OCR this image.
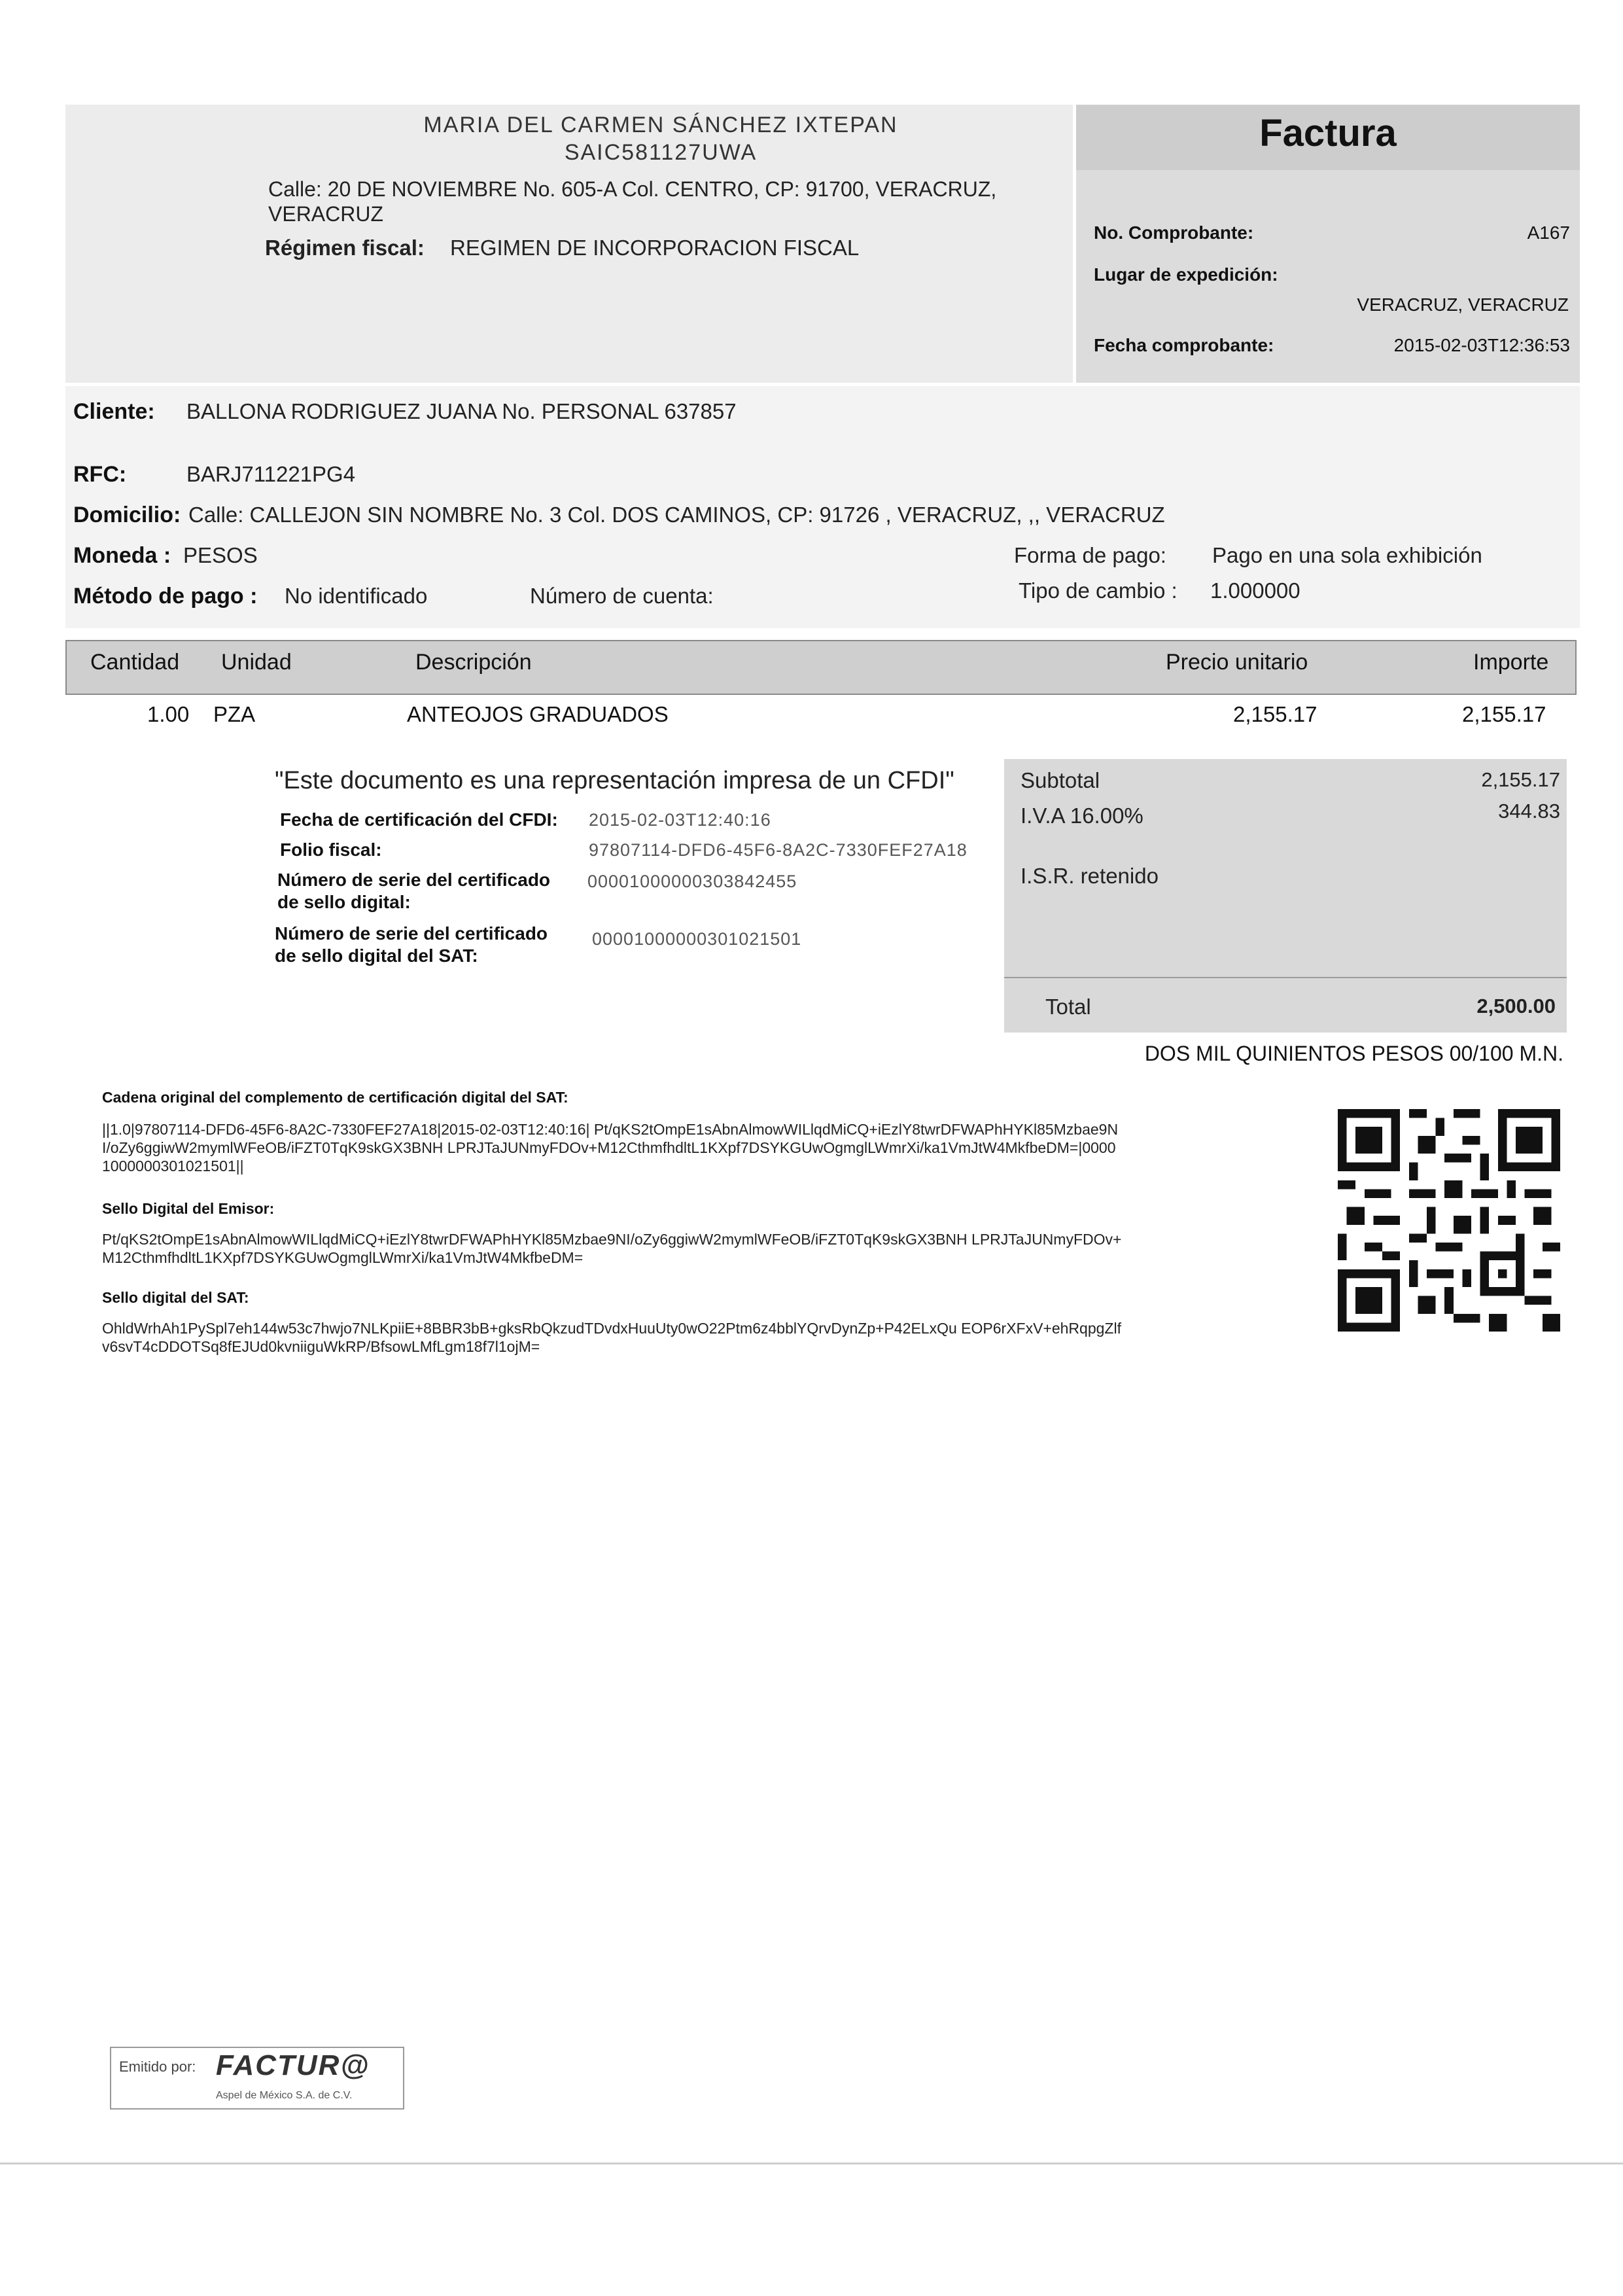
MARIA DEL CARMEN SÁNCHEZ IXTEPAN
SAIC581127UWA
Calle: 20 DE NOVIEMBRE No. 605-A Col. CENTRO, CP: 91700, VERACRUZ,
VERACRUZ
Régimen fiscal: REGIMEN DE INCORPORACION FISCAL
Factura
No. Comprobante:	A167
Lugar de expedición:
VERACRUZ, VERACRUZ
Fecha comprobante:	2015-02-03T12:36:53
Cliente: BALLONA RODRIGUEZ JUANA No. PERSONAL 637857
RFC:	BARJ711221PG4
Domicilio: Calle: CALLEJON SIN NOMBRE No. 3 Col. DOS CAMINOS, CP: 91726 , VERACRUZ, ,, VERACRUZ
Moneda : PESOS
Método de pago : No identificado	Número de cuenta:
Forma de pago: Pago en una sola exhibición
Tipo de cambio : 1.000000
Cantidad Unidad	Descripción	Precio unitario	Importe
1.00 PZA	ANTEOJOS GRADUADOS	2,155.17	2,155.17
"Este documento es una representación impresa de un CFDI"
Fecha de certificación del CFDI: 2015-02-03T12:40:16
Folio fiscal:	97807114-DFD6-45F6-8A2C-7330FEF27A18
Número de serie del certificado
de sello digital:
00001000000303842455
Número de serie del certificado
de sello digital del SAT:
00001000000301021501
Subtotal	2,155.17
I.V.A 16.00%	344.83
I.S.R. retenido
Total	2,500.00
DOS MIL QUINIENTOS PESOS 00/100 M.N.
Cadena original del complemento de certificación digital del SAT:
||1.0|97807114-DFD6-45F6-8A2C-7330FEF27A18|2015-02-03T12:40:16| Pt/qKS2tOmpE1sAbnAlmowWILlqdMiCQ+iEzlY8twrDFWAPhHYKl85Mzbae9NI/oZy6ggiwW2mymlWFeOB/iFZT0TqK9skGX3BNH LPRJTaJUNmyFDOv+M12CthmfhdltL1KXpf7DSYKGUwOgmglLWmrXi/ka1VmJtW4MkfbeDM=|00001000000301021501||
Sello Digital del Emisor:
Pt/qKS2tOmpE1sAbnAlmowWILlqdMiCQ+iEzlY8twrDFWAPhHYKl85Mzbae9NI/oZy6ggiwW2mymlWFeOB/iFZT0TqK9skGX3BNH LPRJTaJUNmyFDOv+M12CthmfhdltL1KXpf7DSYKGUwOgmglLWmrXi/ka1VmJtW4MkfbeDM=
Sello digital del SAT:
OhldWrhAh1PySpl7eh144w53c7hwjo7NLKpiiE+8BBR3bB+gksRbQkzudTDvdxHuuUty0wO22Ptm6z4bblYQrvDynZp+P42ELxQu EOP6rXFxV+ehRqpgZlfv6svT4cDDOTSq8fEJUd0kvniiguWkRP/BfsowLMfLgm18f7l1ojM=
Emitido por: FACTUR@
Aspel de México S.A. de C.V.
